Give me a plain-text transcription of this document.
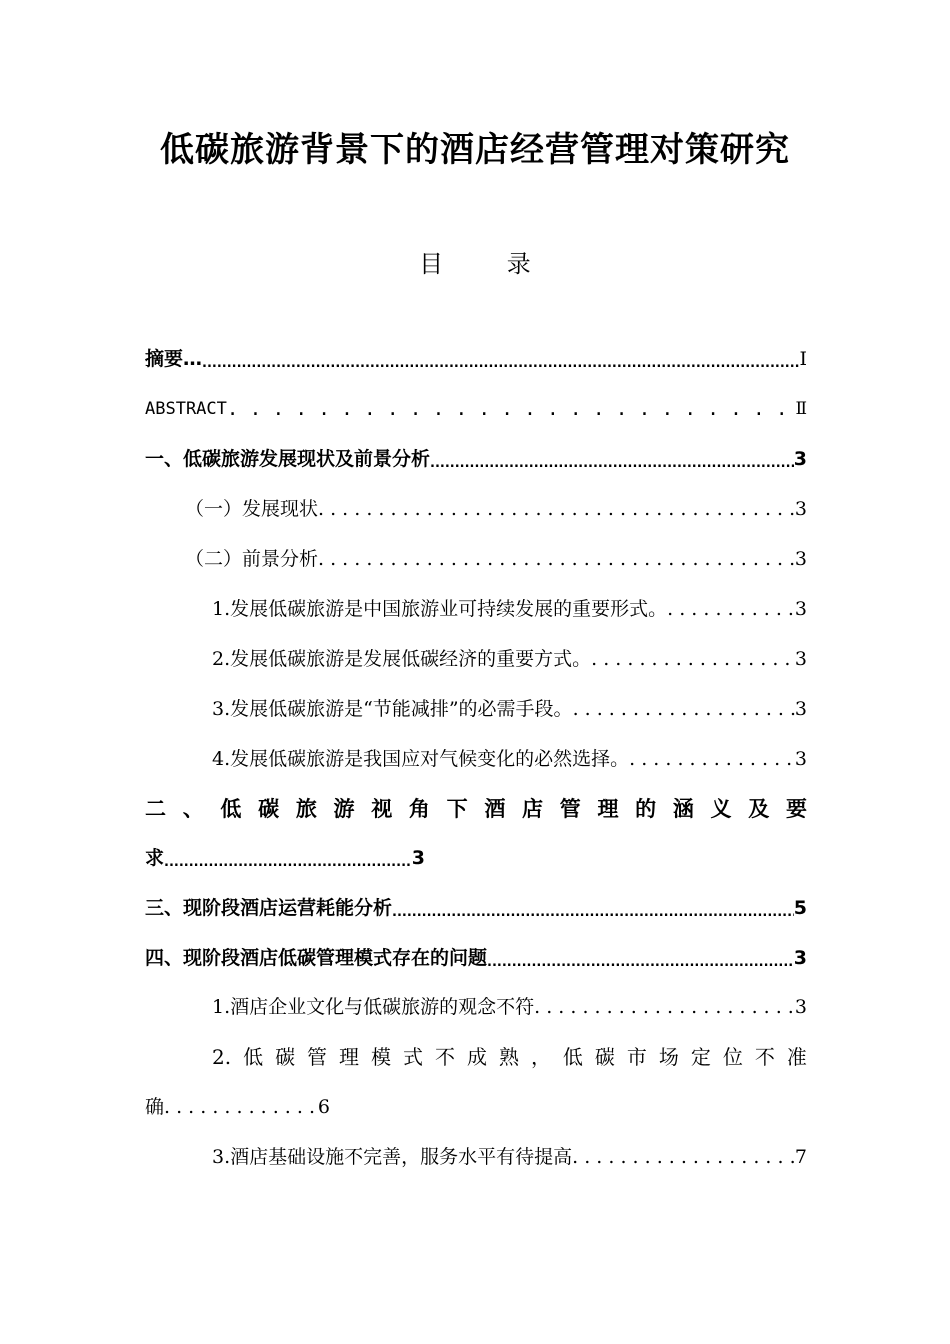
低碳旅游背景下的酒店经营管理对策研究
目 录
摘要… .....	Ⅰ
ABSTRACT . . .	Ⅱ
一、低碳旅游发展现状及前景分析 .....	3
（一）发展现状 . . .	3
（二）前景分析 . . .	3
1.发展低碳旅游是中国旅游业可持续发展的重要形式。 . . .	3
2.发展低碳旅游是发展低碳经济的重要方式。 . . .	3
3.发展低碳旅游是“节能减排”的必需手段。 . . .	3
4.发展低碳旅游是我国应对气候变化的必然选择。 . . .	3
二 、 低 碳 旅 游 视 角 下 酒 店 管 理 的 涵 义 及 要
求 .....	3
三、现阶段酒店运营耗能分析 .....	5
四、现阶段酒店低碳管理模式存在的问题 .....	3
1.酒店企业文化与低碳旅游的观念不符 . . .	3
2. 低 碳 管 理 模 式 不 成 熟 ， 低 碳 市 场 定 位 不 准
确 . . .	6
3.酒店基础设施不完善，服务水平有待提高 . . .	7
